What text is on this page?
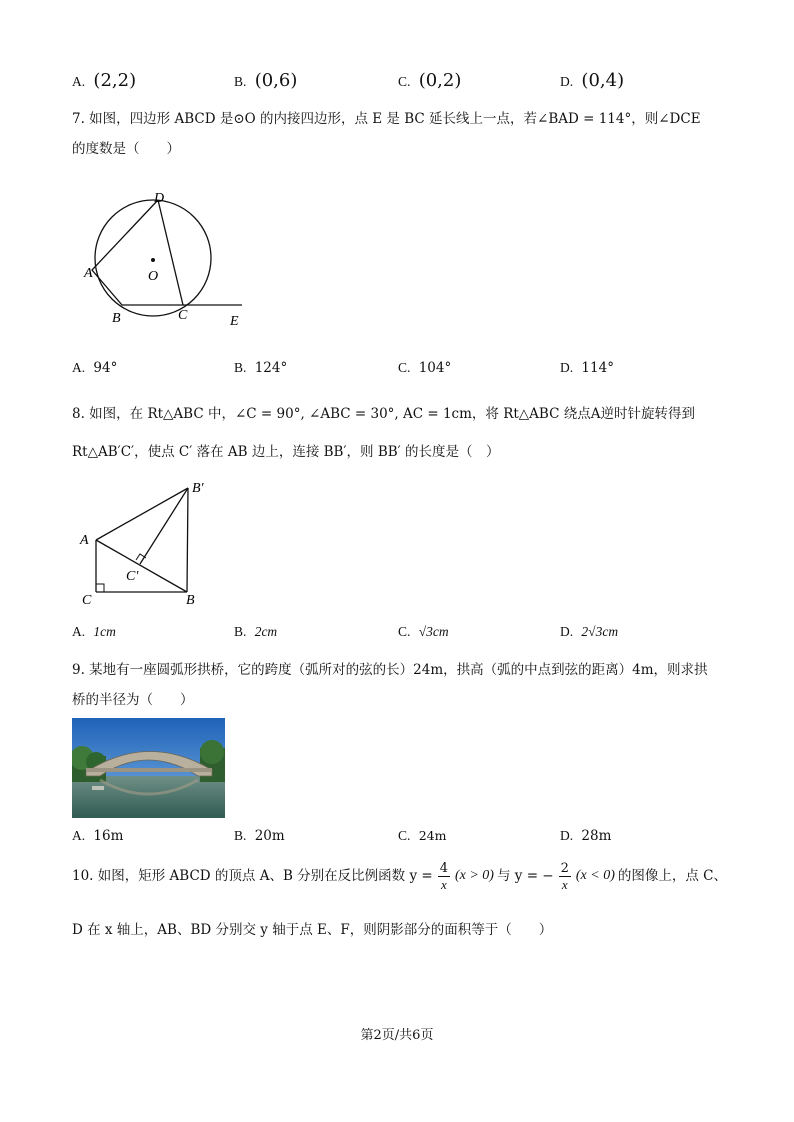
A. (2,2)	B. (0,6)	C. (0,2)	D. (0,4)
7. 如图，四边形 ABCD 是⊙O 的内接四边形，点 E 是 BC 延长线上一点，若∠BAD = 114°，则∠DCE
的度数是（　　）
D
A	O
B	C	E
A. 94°	B. 124°	C. 104°	D. 114°
8. 如图，在 Rt△ABC 中，∠C = 90°, ∠ABC = 30°, AC = 1cm，将 Rt△ABC 绕点A逆时针旋转得到
Rt△AB′C′，使点 C′ 落在 AB 边上，连接 BB′，则 BB′ 的长度是（　）
B′
A
C′
C	B
A. 1cm	B. 2cm	C. √3cm	D. 2√3cm
9. 某地有一座圆弧形拱桥，它的跨度（弧所对的弦的长）24m，拱高（弧的中点到弦的距离）4m，则求拱
桥的半径为（　　）
A. 16m	B. 20m	C. 24m	D. 28m
10. 如图，矩形 ABCD 的顶点 A、B 分别在反比例函数 $y = \frac{4}{x} (x > 0)$ 与 y = − $\frac{2}{x} (x < 0)$ 的图像上，点 C、
D 在 x 轴上，AB、BD 分别交 y 轴于点 E、F，则阴影部分的面积等于（　　）
第2页/共6页
